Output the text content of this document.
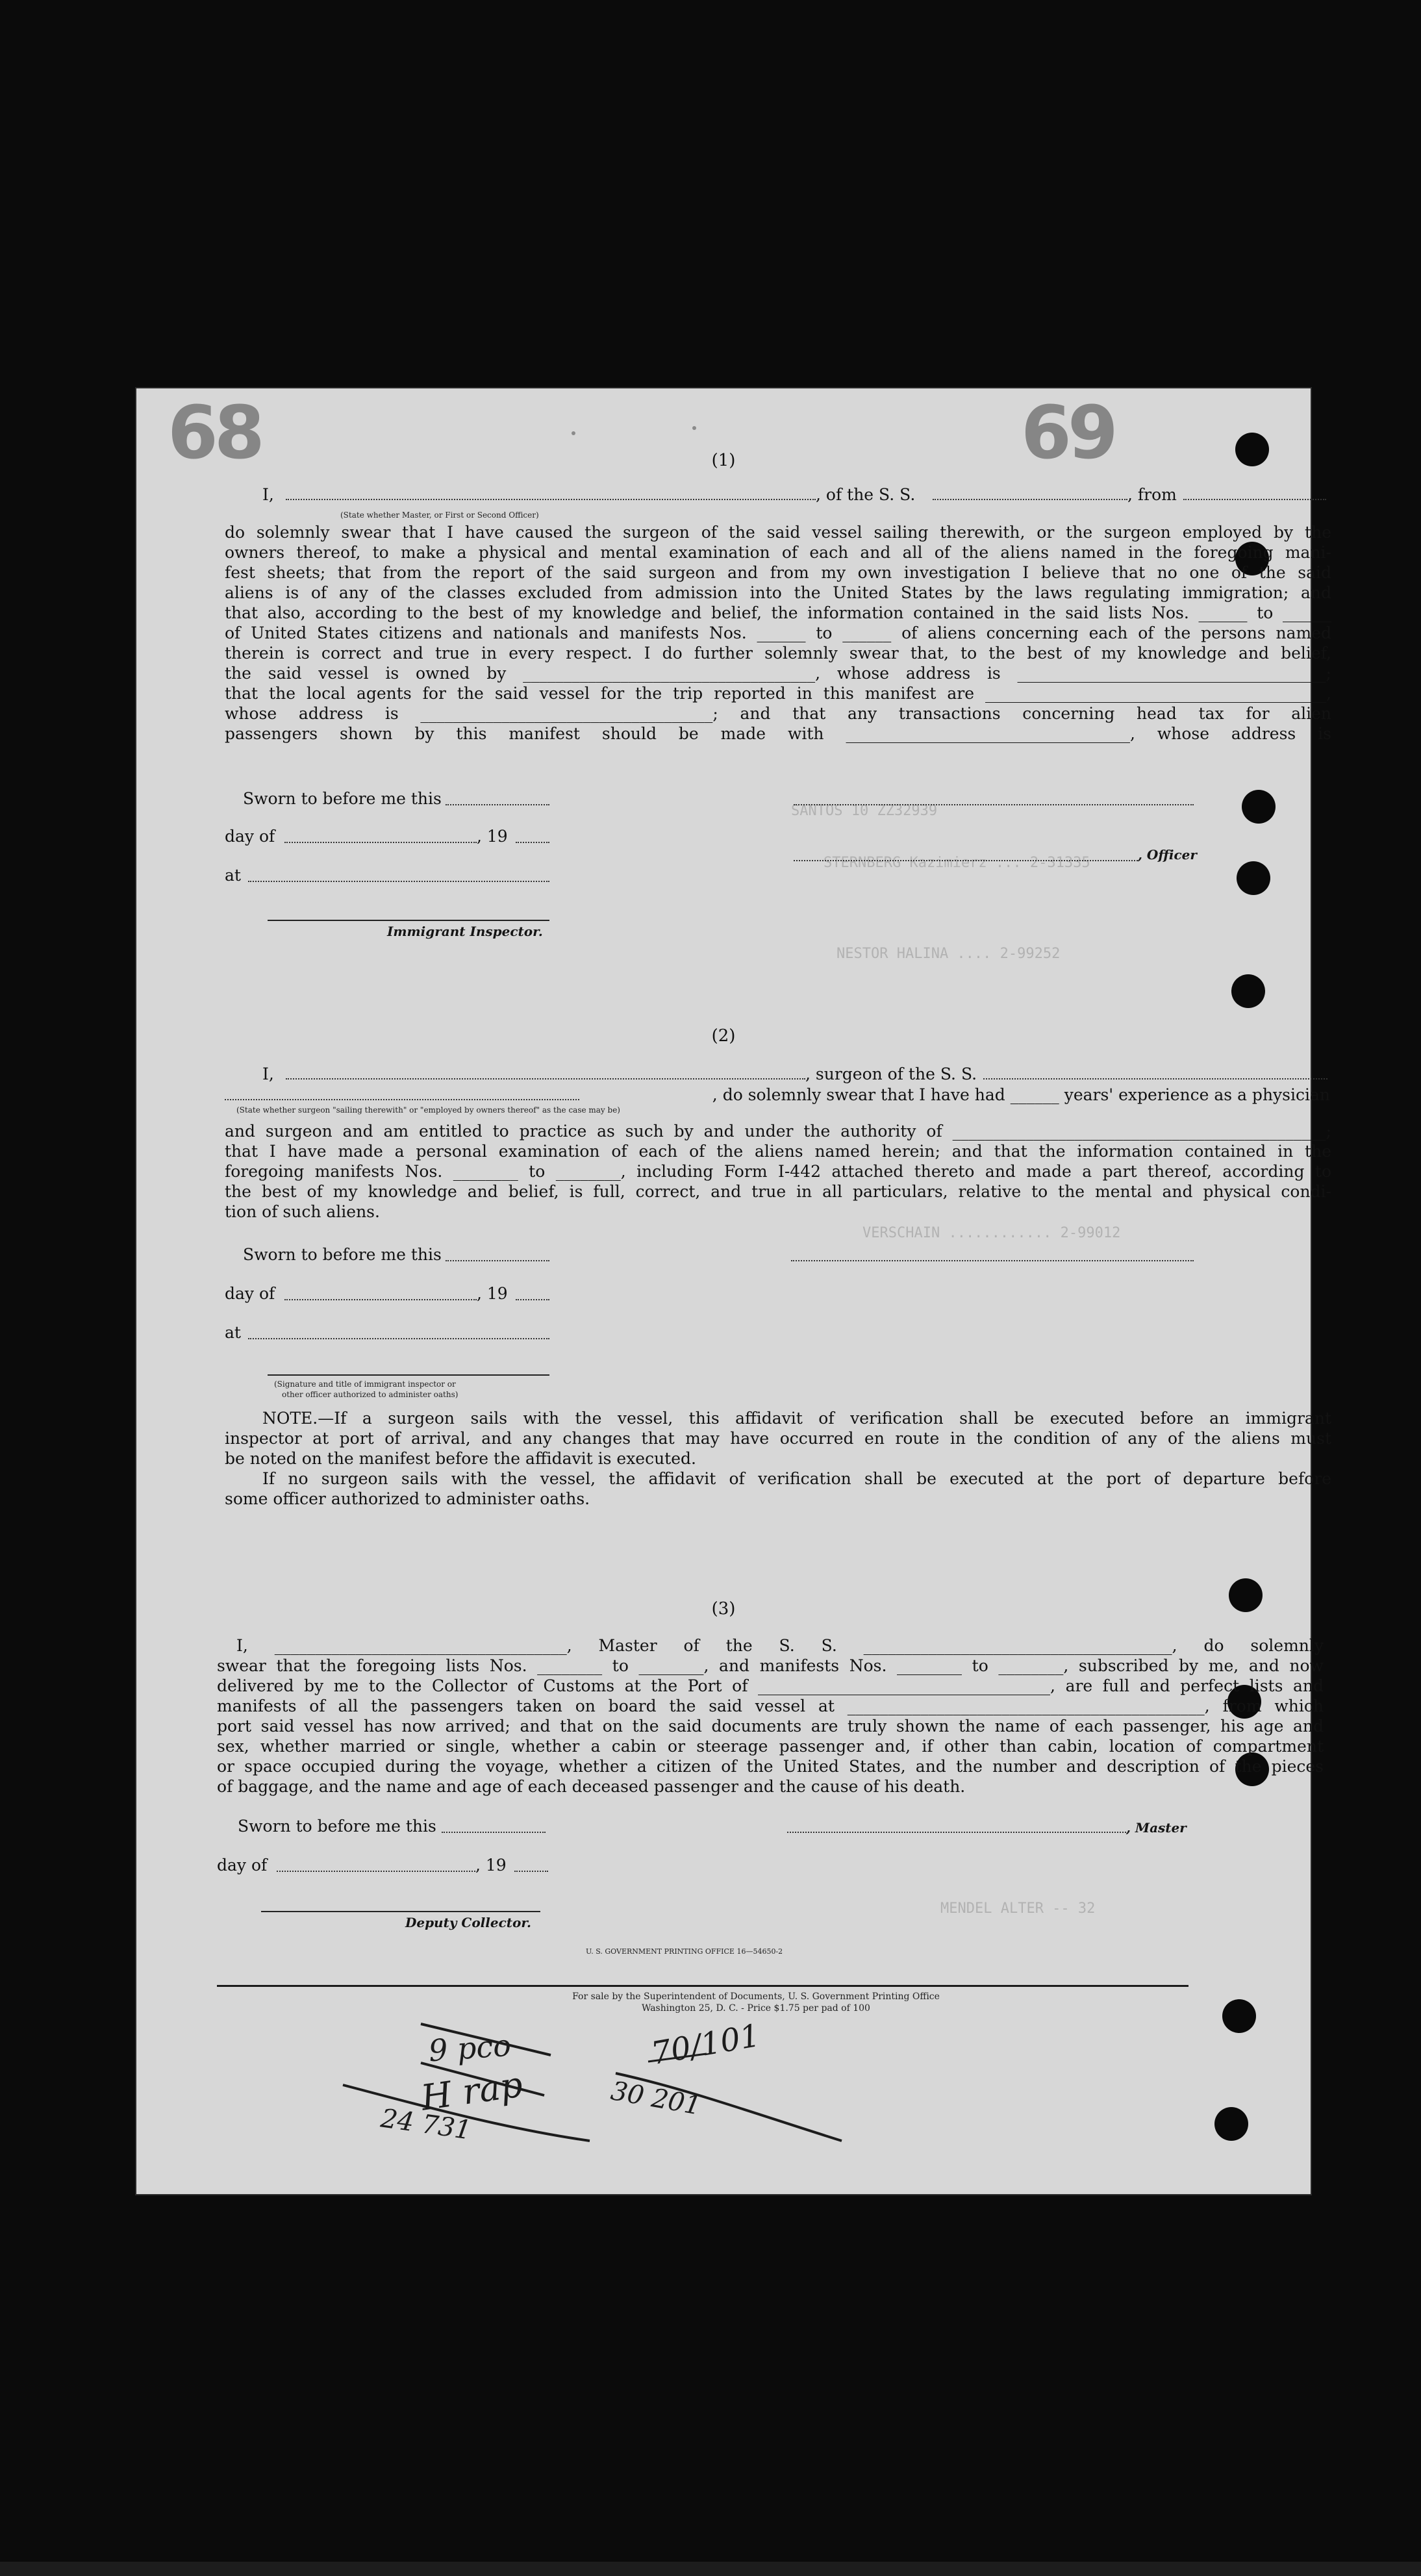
68	69
SANTOS 10 ZZ32939
STERNBERG Kazimierz ... 2-31335
NESTOR HALINA .... 2-99252
VERSCHAIN ............ 2-99012
MENDEL ALTER -- 32
(1)
I,	, of the S. S.	, from
(State whether Master, or First or Second Officer)
do solemnly swear that I have caused the surgeon of the said vessel sailing therewith, or the surgeon employed by the
owners thereof, to make a physical and mental examination of each and all of the aliens named in the foregoing mani-
fest sheets; that from the report of the said surgeon and from my own investigation I believe that no one of the said
aliens is of any of the classes excluded from admission into the United States by the laws regulating immigration; and
that also, according to the best of my knowledge and belief, the information contained in the said lists Nos. ______ to ______
of United States citizens and nationals and manifests Nos. ______ to ______ of aliens concerning each of the persons named
therein is correct and true in every respect. I do further solemnly swear that, to the best of my knowledge and belief,
the said vessel is owned by ____________________________________, whose address is ______________________________________;
that the local agents for the said vessel for the trip reported in this manifest are __________________________________________,
whose address is ____________________________________; and that any transactions concerning head tax for alien
passengers shown by this manifest should be made with ___________________________________, whose address is
Sworn to before me this
day of	, 19
at
Immigrant Inspector.
, Officer
(2)
I,	, surgeon of the S. S.
, do solemnly swear that I have had ______ years' experience as a physician
(State whether surgeon "sailing therewith" or "employed by owners thereof" as the case may be)
and surgeon and am entitled to practice as such by and under the authority of ______________________________________________;
that I have made a personal examination of each of the aliens named herein; and that the information contained in the
foregoing manifests Nos. ________ to ________, including Form I-442 attached thereto and made a part thereof, according to
the best of my knowledge and belief, is full, correct, and true in all particulars, relative to the mental and physical condi-
tion of such aliens.
Sworn to before me this
day of	, 19
at
(Signature and title of immigrant inspector or
other officer authorized to administer oaths)
NOTE.—If a surgeon sails with the vessel, this affidavit of verification shall be executed before an immigrant
inspector at port of arrival, and any changes that may have occurred en route in the condition of any of the aliens must
be noted on the manifest before the affidavit is executed.
If no surgeon sails with the vessel, the affidavit of verification shall be executed at the port of departure before
some officer authorized to administer oaths.
(3)
I, ____________________________________, Master of the S. S. ______________________________________, do solemnly
swear that the foregoing lists Nos. ________ to ________, and manifests Nos. ________ to ________, subscribed by me, and now
delivered by me to the Collector of Customs at the Port of ____________________________________, are full and perfect lists and
manifests of all the passengers taken on board the said vessel at ____________________________________________, from which
port said vessel has now arrived; and that on the said documents are truly shown the name of each passenger, his age and
sex, whether married or single, whether a cabin or steerage passenger and, if other than cabin, location of compartment
or space occupied during the voyage, whether a citizen of the United States, and the number and description of the pieces
of baggage, and the name and age of each deceased passenger and the cause of his death.
Sworn to before me this
day of	, 19
Deputy Collector.
, Master
U. S. GOVERNMENT PRINTING OFFICE 16—54650-2
For sale by the Superintendent of Documents, U. S. Government Printing Office
Washington 25, D. C. - Price $1.75 per pad of 100
9 pco	70/101
H rap	30 201
24 731
